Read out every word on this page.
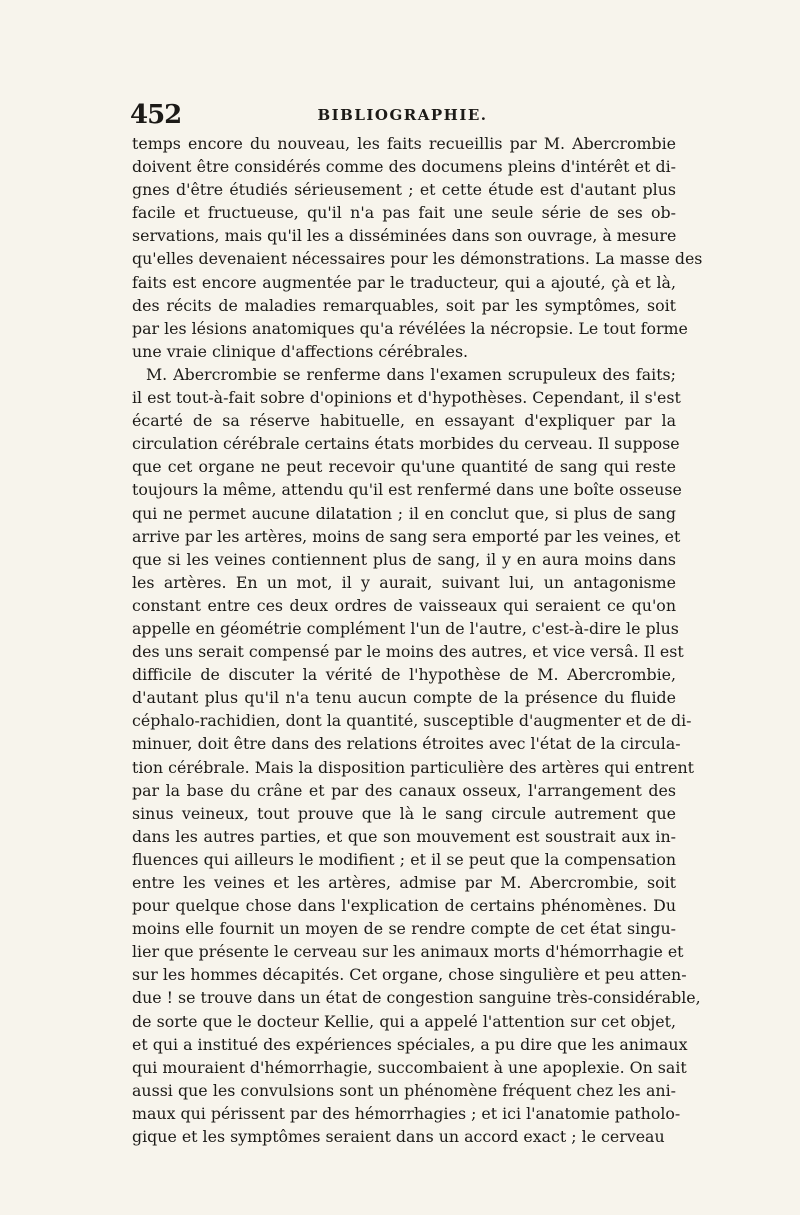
452	BIBLIOGRAPHIE.
temps encore du nouveau, les faits recueillis par M. Abercrombie
doivent être considérés comme des documens pleins d'intérêt et di-
gnes d'être étudiés sérieusement ; et cette étude est d'autant plus
facile et fructueuse, qu'il n'a pas fait une seule série de ses ob-
servations, mais qu'il les a disséminées dans son ouvrage, à mesure
qu'elles devenaient nécessaires pour les démonstrations. La masse des
faits est encore augmentée par le traducteur, qui a ajouté, çà et là,
des récits de maladies remarquables, soit par les symptômes, soit
par les lésions anatomiques qu'a révélées la nécropsie. Le tout forme
une vraie clinique d'affections cérébrales.
M. Abercrombie se renferme dans l'examen scrupuleux des faits;
il est tout-à-fait sobre d'opinions et d'hypothèses. Cependant, il s'est
écarté de sa réserve habituelle, en essayant d'expliquer par la
circulation cérébrale certains états morbides du cerveau. Il suppose
que cet organe ne peut recevoir qu'une quantité de sang qui reste
toujours la même, attendu qu'il est renfermé dans une boîte osseuse
qui ne permet aucune dilatation ; il en conclut que, si plus de sang
arrive par les artères, moins de sang sera emporté par les veines, et
que si les veines contiennent plus de sang, il y en aura moins dans
les artères. En un mot, il y aurait, suivant lui, un antagonisme
constant entre ces deux ordres de vaisseaux qui seraient ce qu'on
appelle en géométrie complément l'un de l'autre, c'est-à-dire le plus
des uns serait compensé par le moins des autres, et vice versâ. Il est
difficile de discuter la vérité de l'hypothèse de M. Abercrombie,
d'autant plus qu'il n'a tenu aucun compte de la présence du fluide
céphalo-rachidien, dont la quantité, susceptible d'augmenter et de di-
minuer, doit être dans des relations étroites avec l'état de la circula-
tion cérébrale. Mais la disposition particulière des artères qui entrent
par la base du crâne et par des canaux osseux, l'arrangement des
sinus veineux, tout prouve que là le sang circule autrement que
dans les autres parties, et que son mouvement est soustrait aux in-
fluences qui ailleurs le modifient ; et il se peut que la compensation
entre les veines et les artères, admise par M. Abercrombie, soit
pour quelque chose dans l'explication de certains phénomènes. Du
moins elle fournit un moyen de se rendre compte de cet état singu-
lier que présente le cerveau sur les animaux morts d'hémorrhagie et
sur les hommes décapités. Cet organe, chose singulière et peu atten-
due ! se trouve dans un état de congestion sanguine très-considérable,
de sorte que le docteur Kellie, qui a appelé l'attention sur cet objet,
et qui a institué des expériences spéciales, a pu dire que les animaux
qui mouraient d'hémorrhagie, succombaient à une apoplexie. On sait
aussi que les convulsions sont un phénomène fréquent chez les ani-
maux qui périssent par des hémorrhagies ; et ici l'anatomie patholo-
gique et les symptômes seraient dans un accord exact ; le cerveau
